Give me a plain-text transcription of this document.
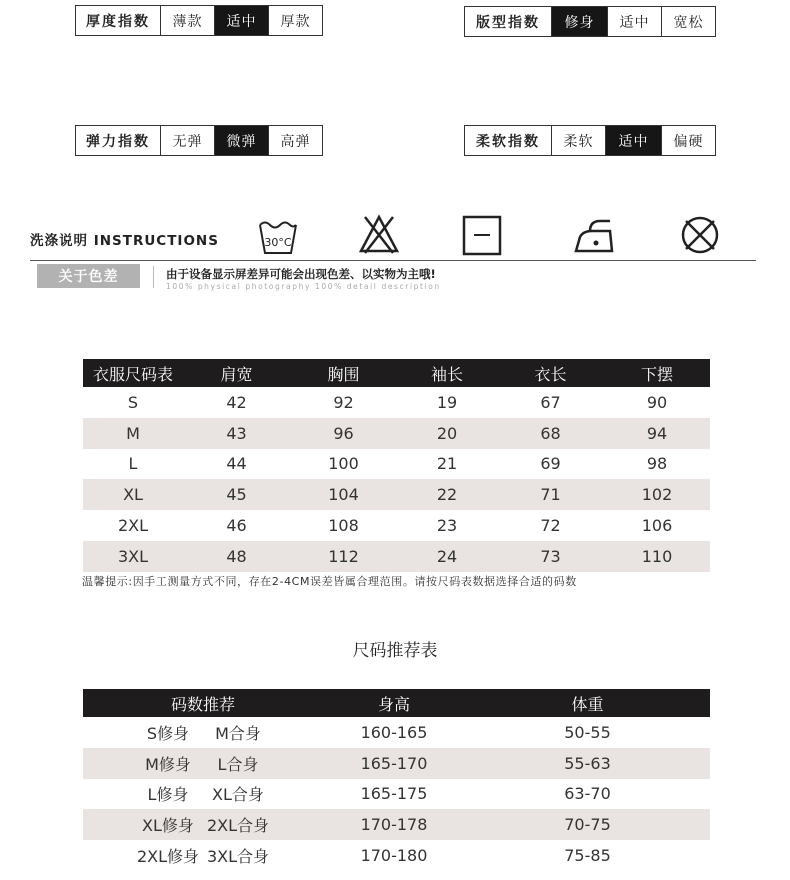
厚度指数	薄款	适中	厚款	版型指数	修身	适中	宽松
弹力指数	无弹	微弹	高弹	柔软指数	柔软	适中	偏硬
洗涤说明 INSTRUCTIONS	30°C
关于色差	由于设备显示屏差异可能会出现色差、以实物为主哦!
100% physical photography 100% detail description
衣服尺码表	肩宽	胸围	袖长	衣长	下摆
S	42	92	19	67	90
M	43	96	20	68	94
L	44	100	21	69	98
XL	45	104	22	71	102
2XL	46	108	23	72	106
3XL	48	112	24	73	110
温馨提示:因手工测量方式不同，存在2-4CM误差皆属合理范围。请按尺码表数据选择合适的码数
尺码推荐表
码数推荐	身高	体重

S修身 M合身	160-165	50-55

M修身 L合身	165-170	55-63

L修身 XL合身	165-175	63-70

XL修身 2XL合身	170-178	70-75

2XL修身 3XL合身	170-180	75-85
